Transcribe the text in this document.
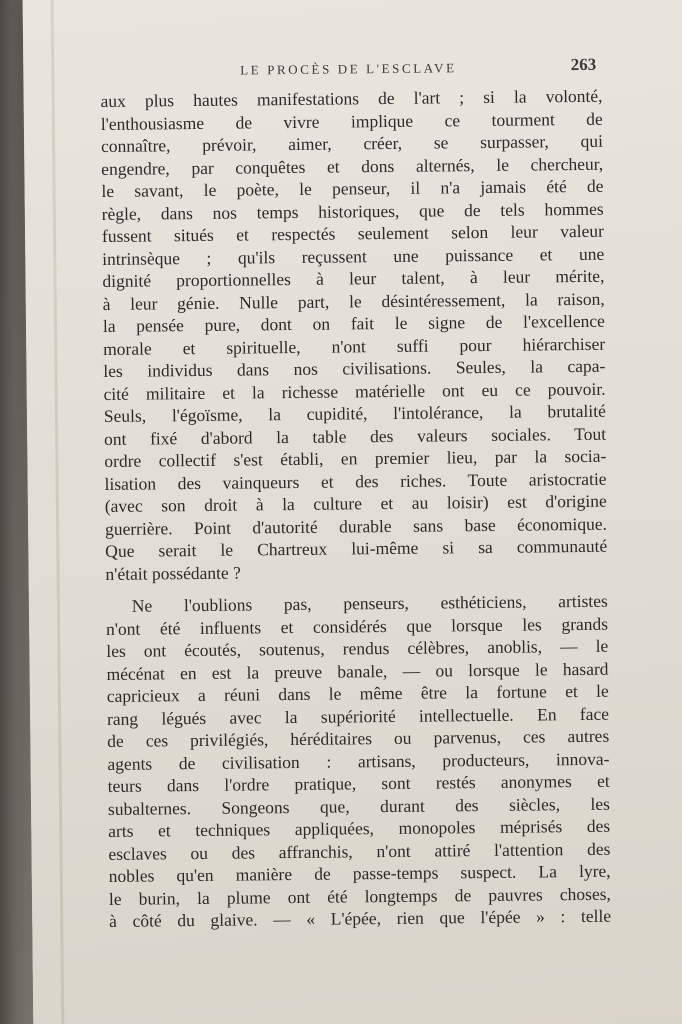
LE PROCÈS DE L'ESCLAVE	263
aux plus hautes manifestations de l'art ; si la volonté,
l'enthousiasme de vivre implique ce tourment de
connaître, prévoir, aimer, créer, se surpasser, qui
engendre, par conquêtes et dons alternés, le chercheur,
le savant, le poète, le penseur, il n'a jamais été de
règle, dans nos temps historiques, que de tels hommes
fussent situés et respectés seulement selon leur valeur
intrinsèque ; qu'ils reçussent une puissance et une
dignité proportionnelles à leur talent, à leur mérite,
à leur génie. Nulle part, le désintéressement, la raison,
la pensée pure, dont on fait le signe de l'excellence
morale et spirituelle, n'ont suffi pour hiérarchiser
les individus dans nos civilisations. Seules, la capa-
cité militaire et la richesse matérielle ont eu ce pouvoir.
Seuls, l'égoïsme, la cupidité, l'intolérance, la brutalité
ont fixé d'abord la table des valeurs sociales. Tout
ordre collectif s'est établi, en premier lieu, par la socia-
lisation des vainqueurs et des riches. Toute aristocratie
(avec son droit à la culture et au loisir) est d'origine
guerrière. Point d'autorité durable sans base économique.
Que serait le Chartreux lui-même si sa communauté
n'était possédante ?
Ne l'oublions pas, penseurs, esthéticiens, artistes
n'ont été influents et considérés que lorsque les grands
les ont écoutés, soutenus, rendus célèbres, anoblis, — le
mécénat en est la preuve banale, — ou lorsque le hasard
capricieux a réuni dans le même être la fortune et le
rang légués avec la supériorité intellectuelle. En face
de ces privilégiés, héréditaires ou parvenus, ces autres
agents de civilisation : artisans, producteurs, innova-
teurs dans l'ordre pratique, sont restés anonymes et
subalternes. Songeons que, durant des siècles, les
arts et techniques appliquées, monopoles méprisés des
esclaves ou des affranchis, n'ont attiré l'attention des
nobles qu'en manière de passe-temps suspect. La lyre,
le burin, la plume ont été longtemps de pauvres choses,
à côté du glaive. — « L'épée, rien que l'épée » : telle
